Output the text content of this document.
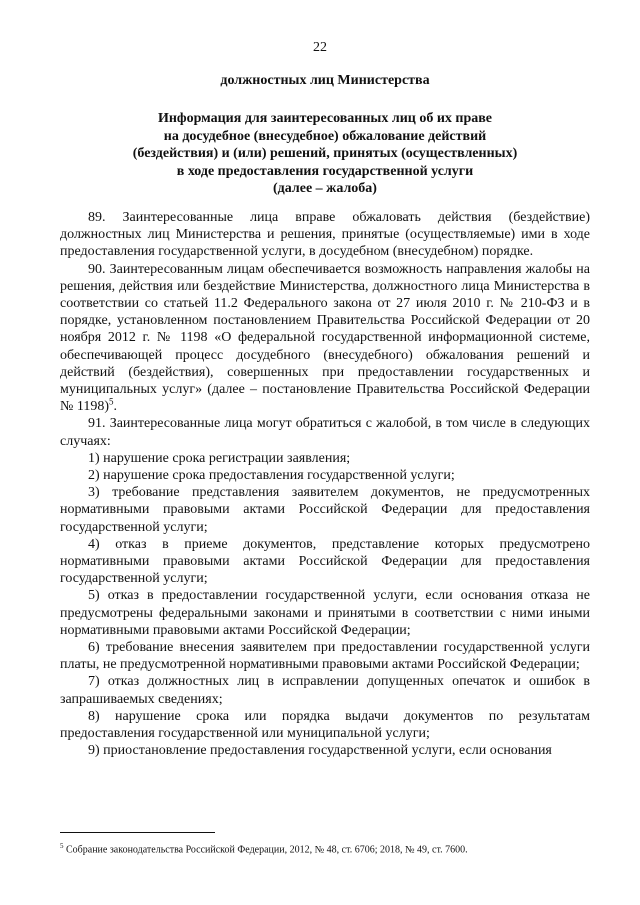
22
должностных лиц Министерства
Информация для заинтересованных лиц об их праве
на досудебное (внесудебное) обжалование действий
(бездействия) и (или) решений, принятых (осуществленных)
в ходе предоставления государственной услуги
(далее – жалоба)

89. Заинтересованные лица вправе обжаловать действия (бездействие) должностных лиц Министерства и решения, принятые (осуществляемые) ими в ходе предоставления государственной услуги, в досудебном (внесудебном) порядке.

90. Заинтересованным лицам обеспечивается возможность направления жалобы на решения, действия или бездействие Министерства, должностного лица Министерства в соответствии со статьей 11.2 Федерального закона от 27 июля 2010 г. № 210-ФЗ и в порядке, установленном постановлением Правительства Российской Федерации от 20 ноября 2012 г. № 1198 «О федеральной государственной информационной системе, обеспечивающей процесс досудебного (внесудебного) обжалования решений и действий (бездействия), совершенных при предоставлении государственных и муниципальных услуг» (далее – постановление Правительства Российской Федерации № 1198)$^5$.

91. Заинтересованные лица могут обратиться с жалобой, в том числе в следующих случаях:

1) нарушение срока регистрации заявления;

2) нарушение срока предоставления государственной услуги;

3) требование представления заявителем документов, не предусмотренных нормативными правовыми актами Российской Федерации для предоставления государственной услуги;

4) отказ в приеме документов, представление которых предусмотрено нормативными правовыми актами Российской Федерации для предоставления государственной услуги;

5) отказ в предоставлении государственной услуги, если основания отказа не предусмотрены федеральными законами и принятыми в соответствии с ними иными нормативными правовыми актами Российской Федерации;

6) требование внесения заявителем при предоставлении государственной услуги платы, не предусмотренной нормативными правовыми актами Российской Федерации;

7) отказ должностных лиц в исправлении допущенных опечаток и ошибок в запрашиваемых сведениях;

8) нарушение срока или порядка выдачи документов по результатам предоставления государственной или муниципальной услуги;

9) приостановление предоставления государственной услуги, если основания

$^5$ Собрание законодательства Российской Федерации, 2012, № 48, ст. 6706; 2018, № 49, ст. 7600.
